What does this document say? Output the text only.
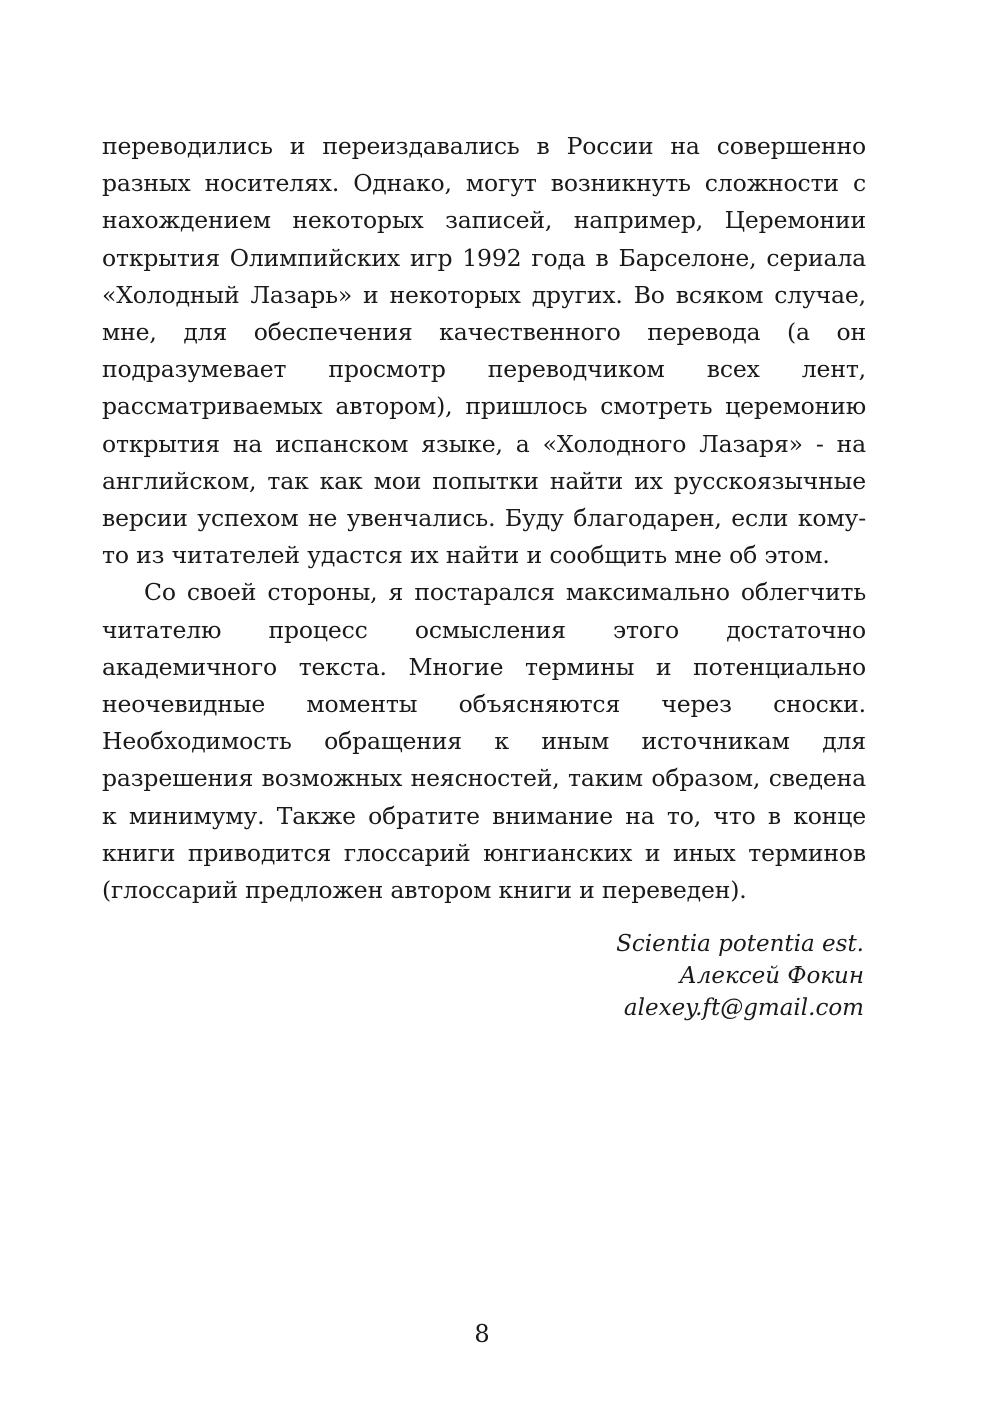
переводились и переиздавались в России на совершенно разных носителях. Однако, могут возникнуть сложности с нахождением некоторых записей, например, Церемонии открытия Олимпийских игр 1992 года в Барселоне, сериала «Холодный Лазарь» и некоторых других. Во всяком случае, мне, для обеспечения качественного перевода (а он подразумевает просмотр переводчиком всех лент, рассматриваемых автором), пришлось смотреть церемонию открытия на испанском языке, а «Холодного Лазаря» - на английском, так как мои попытки найти их русскоязычные версии успехом не увенчались. Буду благодарен, если кому-то из читателей удастся их найти и сообщить мне об этом.

Со своей стороны, я постарался максимально облегчить читателю процесс осмысления этого достаточно академичного текста. Многие термины и потенциально неочевидные моменты объясняются через сноски. Необходимость обращения к иным источникам для разрешения возможных неясностей, таким образом, сведена к минимуму. Также обратите внимание на то, что в конце книги приводится глоссарий юнгианских и иных терминов (глоссарий предложен автором книги и переведен).

Scientia potentia est.
Алексей Фокин
alexey.ft@gmail.com
8
